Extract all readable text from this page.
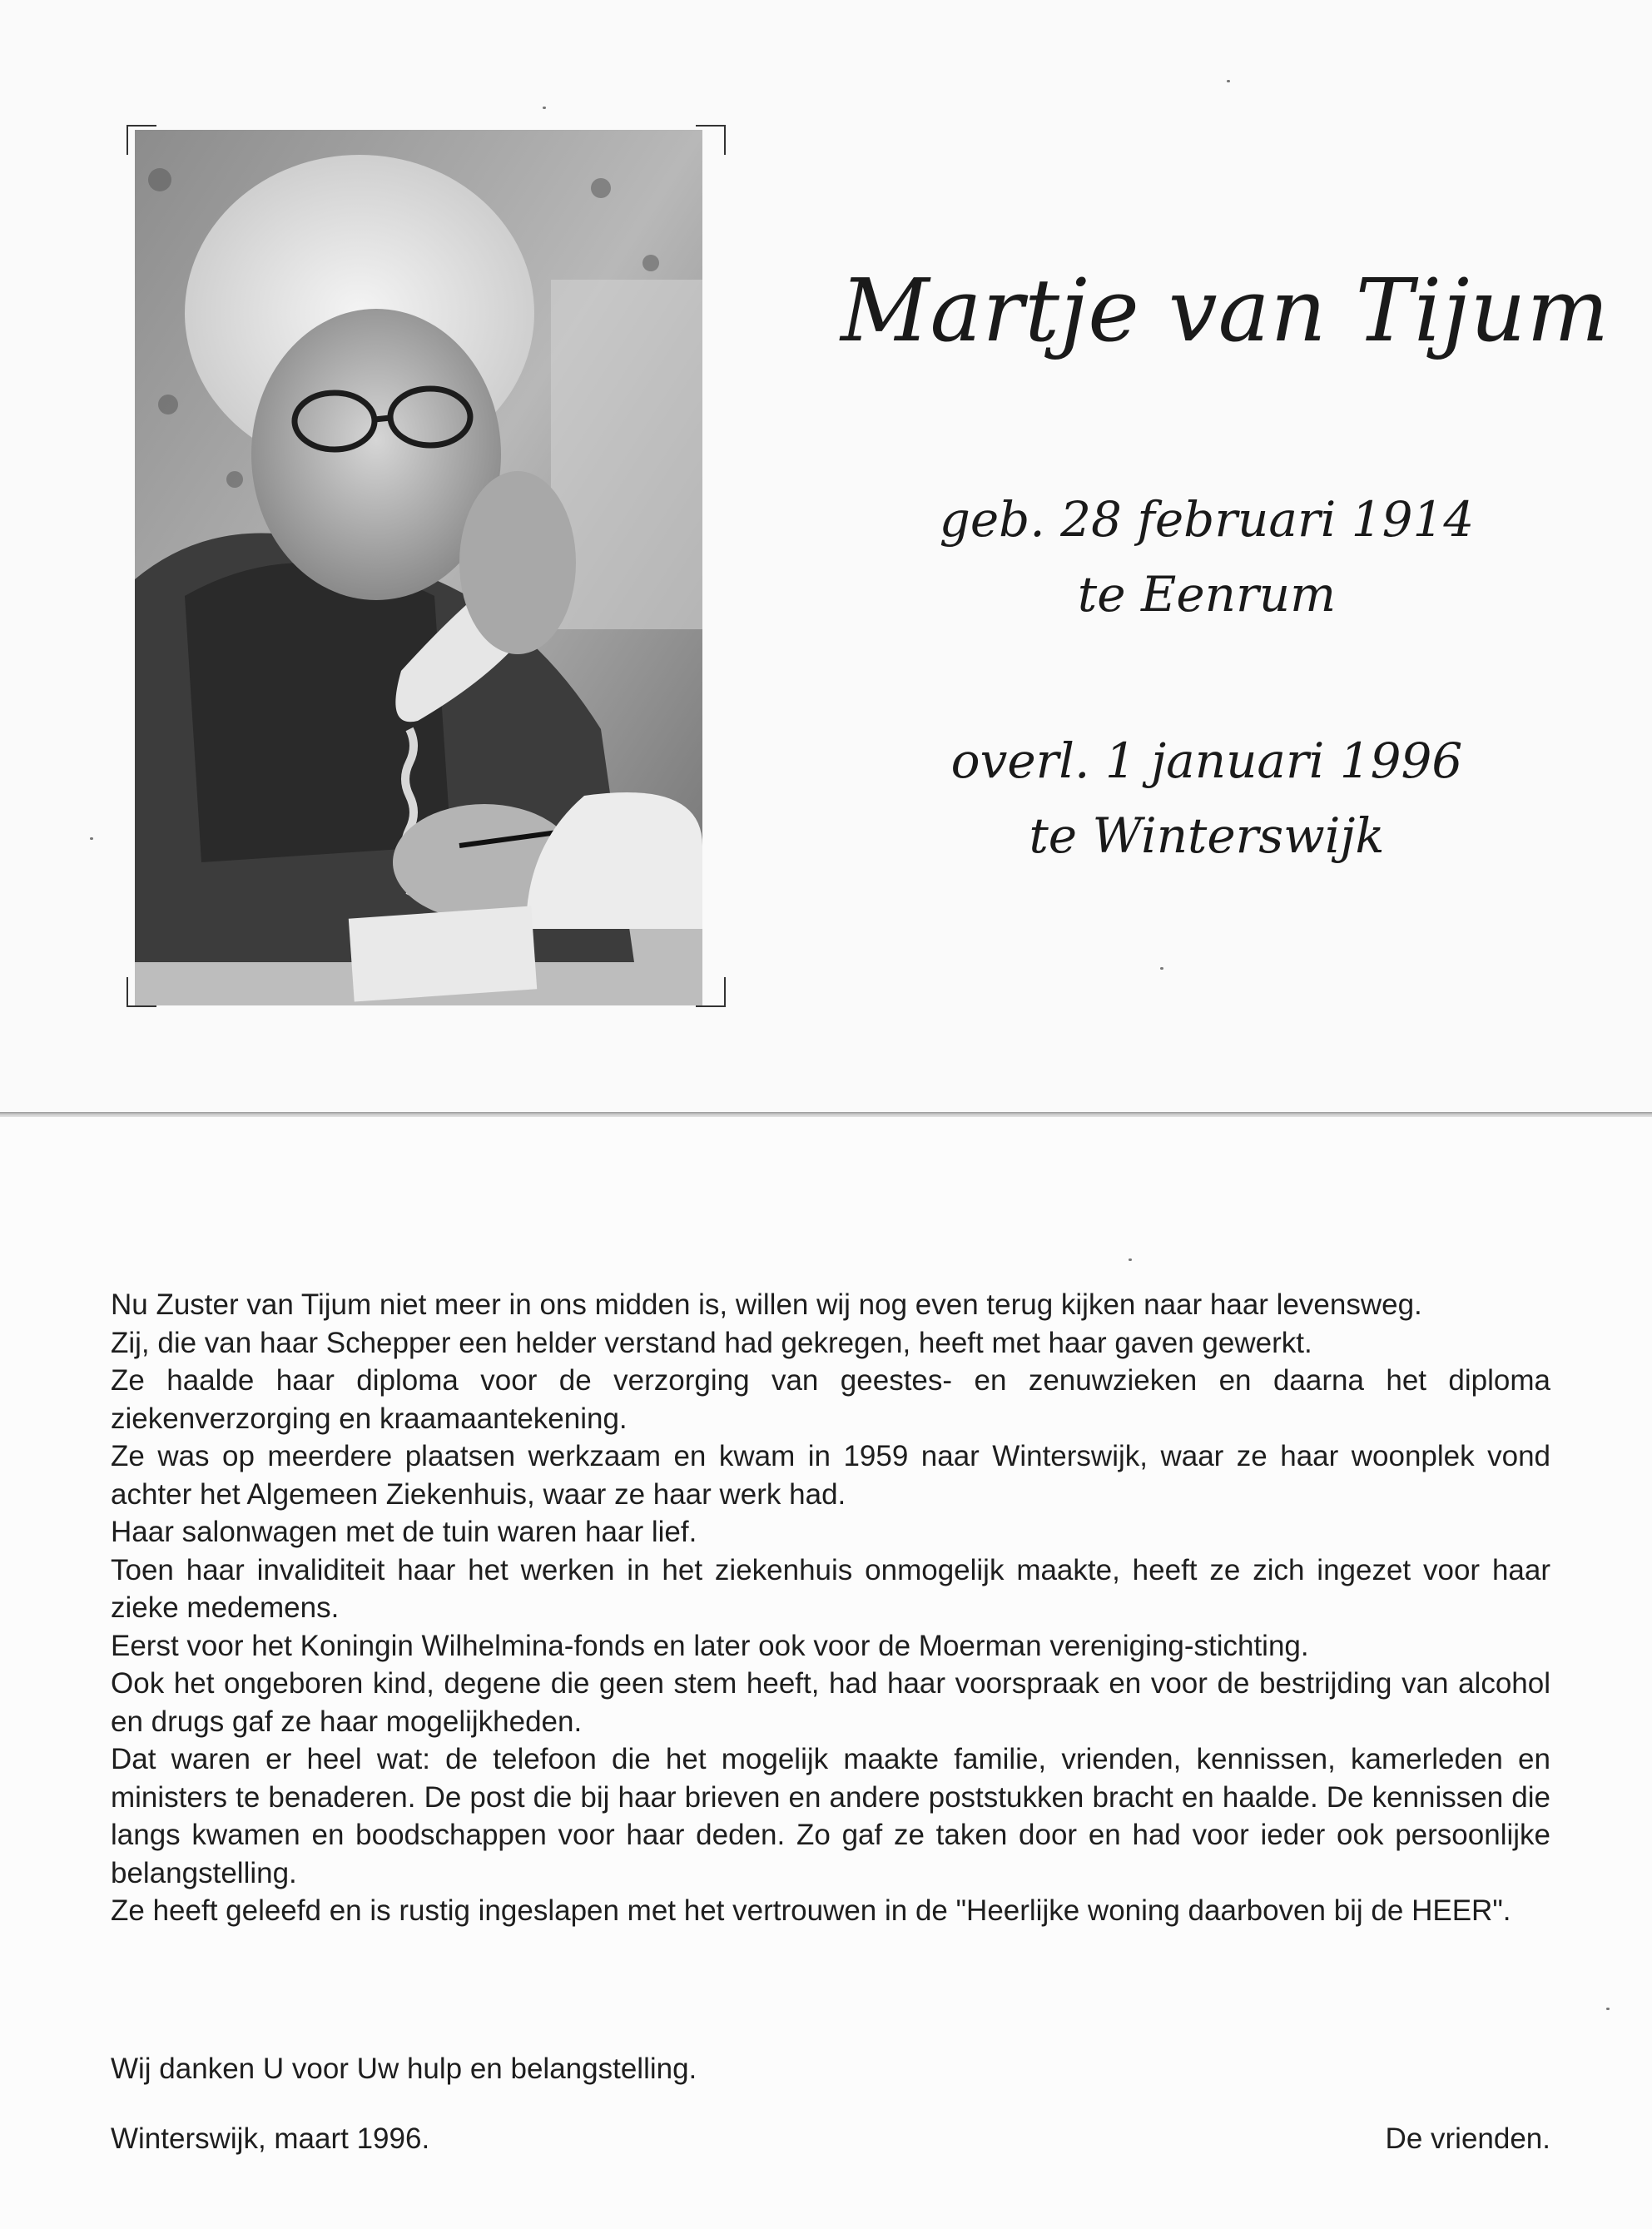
Martje van Tijum
geb. 28 februari 1914
te Eenrum
overl. 1 januari 1996
te Winterswijk

Nu Zuster van Tijum niet meer in ons midden is, willen wij nog even terug kijken naar haar levensweg.

Zij, die van haar Schepper een helder verstand had gekregen, heeft met haar gaven gewerkt.

Ze haalde haar diploma voor de verzorging van geestes- en zenuwzieken en daarna het diploma ziekenverzorging en kraamaantekening.

Ze was op meerdere plaatsen werkzaam en kwam in 1959 naar Winterswijk, waar ze haar woonplek vond achter het Algemeen Ziekenhuis, waar ze haar werk had.

Haar salonwagen met de tuin waren haar lief.

Toen haar invaliditeit haar het werken in het ziekenhuis onmogelijk maakte, heeft ze zich ingezet voor haar zieke medemens.

Eerst voor het Koningin Wilhelmina-fonds en later ook voor de Moerman vereniging-stichting.

Ook het ongeboren kind, degene die geen stem heeft, had haar voorspraak en voor de bestrijding van alcohol en drugs gaf ze haar mogelijkheden.

Dat waren er heel wat: de telefoon die het mogelijk maakte familie, vrienden, kennissen, kamerleden en ministers te benaderen. De post die bij haar brieven en andere poststukken bracht en haalde. De kennissen die langs kwamen en boodschappen voor haar deden. Zo gaf ze taken door en had voor ieder ook persoonlijke belangstelling.

Ze heeft geleefd en is rustig ingeslapen met het vertrouwen in de "Heerlijke woning daarboven bij de HEER".

Wij danken U voor Uw hulp en belangstelling.
Winterswijk, maart 1996.	De vrienden.
